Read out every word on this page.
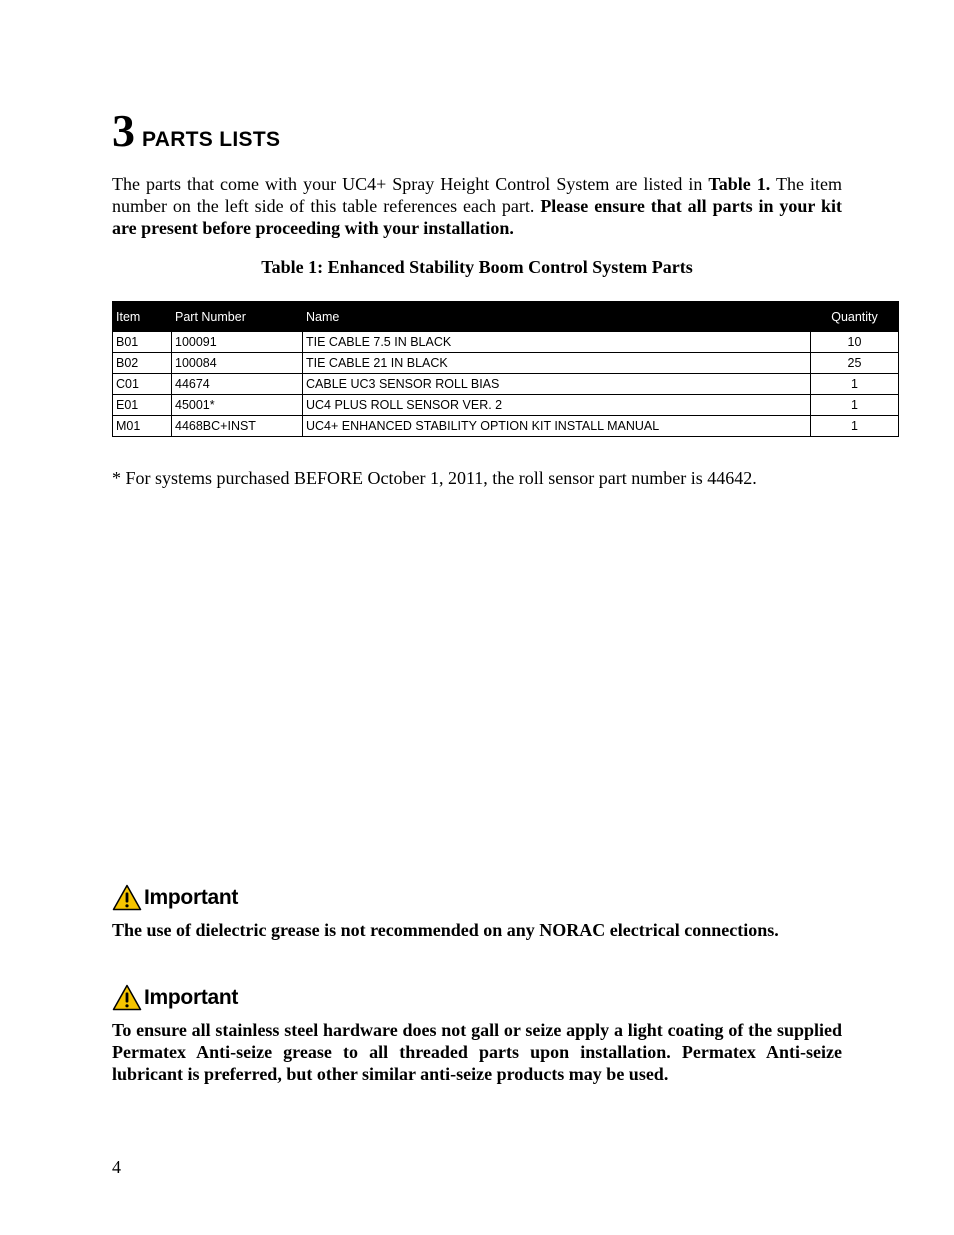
3 PARTS LISTS
The parts that come with your UC4+ Spray Height Control System are listed in Table 1. The item number on the left side of this table references each part. Please ensure that all parts in your kit are present before proceeding with your installation.
Table 1: Enhanced Stability Boom Control System Parts
Item	Part Number	Name	Quantity
B01	100091	TIE CABLE 7.5 IN BLACK	10
B02	100084	TIE CABLE 21 IN BLACK	25
C01	44674	CABLE UC3 SENSOR ROLL BIAS	1
E01	45001*	UC4 PLUS ROLL SENSOR VER. 2	1
M01	4468BC+INST	UC4+ ENHANCED STABILITY OPTION KIT INSTALL MANUAL	1
* For systems purchased BEFORE October 1, 2011, the roll sensor part number is 44642.
Important
The use of dielectric grease is not recommended on any NORAC electrical connections.
Important
To ensure all stainless steel hardware does not gall or seize apply a light coating of the supplied Permatex Anti-seize grease to all threaded parts upon installation. Permatex Anti-seize lubricant is preferred, but other similar anti-seize products may be used.
4
